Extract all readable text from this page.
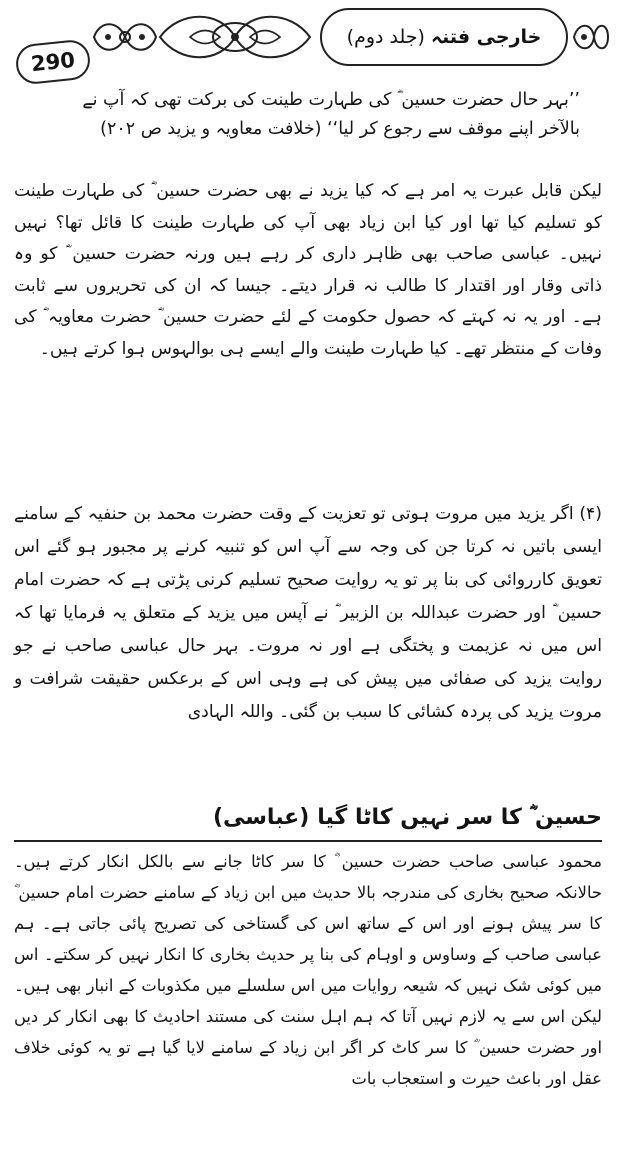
خارجی فتنہ
(جلد دوم)
290

’’بہر حال حضرت حسین ؓ کی طہارت طینت کی برکت تھی کہ آپ نے

بالآخر اپنے موقف سے رجوع کر لیا‘‘ (خلافت معاویہ و یزید ص ۲۰۲)

لیکن قابل عبرت یہ امر ہے کہ کیا یزید نے بھی حضرت حسین ؓ کی طہارت طینت کو تسلیم کیا تھا اور کیا ابن زیاد بھی آپ کی طہارت طینت کا قائل تھا؟ نہیں نہیں۔ عباسی صاحب بھی ظاہر داری کر رہے ہیں ورنہ حضرت حسین ؓ کو وہ ذاتی وقار اور اقتدار کا طالب نہ قرار دیتے۔ جیسا کہ ان کی تحریروں سے ثابت ہے۔ اور یہ نہ کہتے کہ حصول حکومت کے لئے حضرت حسین ؓ حضرت معاویہ ؓ کی وفات کے منتظر تھے۔ کیا طہارت طینت والے ایسے ہی بوالہوس ہوا کرتے ہیں۔

(۴) اگر یزید میں مروت ہوتی تو تعزیت کے وقت حضرت محمد بن حنفیہ کے سامنے ایسی باتیں نہ کرتا جن کی وجہ سے آپ اس کو تنبیہ کرنے پر مجبور ہو گئے اس تعویق کارروائی کی بنا پر تو یہ روایت صحیح تسلیم کرنی پڑتی ہے کہ حضرت امام حسین ؓ اور حضرت عبداللہ بن الزبیر ؓ نے آپس میں یزید کے متعلق یہ فرمایا تھا کہ اس میں نہ عزیمت و پختگی ہے اور نہ مروت۔ بہر حال عباسی صاحب نے جو روایت یزید کی صفائی میں پیش کی ہے وہی اس کے برعکس حقیقت شرافت و مروت یزید کی پردہ کشائی کا سبب بن گئی۔ واللہ الہادی

حسین ؓ کا سر نہیں کاٹا گیا
(عباسی)

محمود عباسی صاحب حضرت حسین ؓ کا سر کاٹا جانے سے بالکل انکار کرتے ہیں۔ حالانکہ صحیح بخاری کی مندرجہ بالا حدیث میں ابن زیاد کے سامنے حضرت امام حسین ؓ کا سر پیش ہونے اور اس کے ساتھ اس کی گستاخی کی تصریح پائی جاتی ہے۔ ہم عباسی صاحب کے وساوس و اوہام کی بنا پر حدیث بخاری کا انکار نہیں کر سکتے۔ اس میں کوئی شک نہیں کہ شیعہ روایات میں اس سلسلے میں مکذوبات کے انبار بھی ہیں۔ لیکن اس سے یہ لازم نہیں آتا کہ ہم اہل سنت کی مستند احادیث کا بھی انکار کر دیں اور حضرت حسین ؓ کا سر کاٹ کر اگر ابن زیاد کے سامنے لایا گیا ہے تو یہ کوئی خلاف عقل اور باعث حیرت و استعجاب بات
